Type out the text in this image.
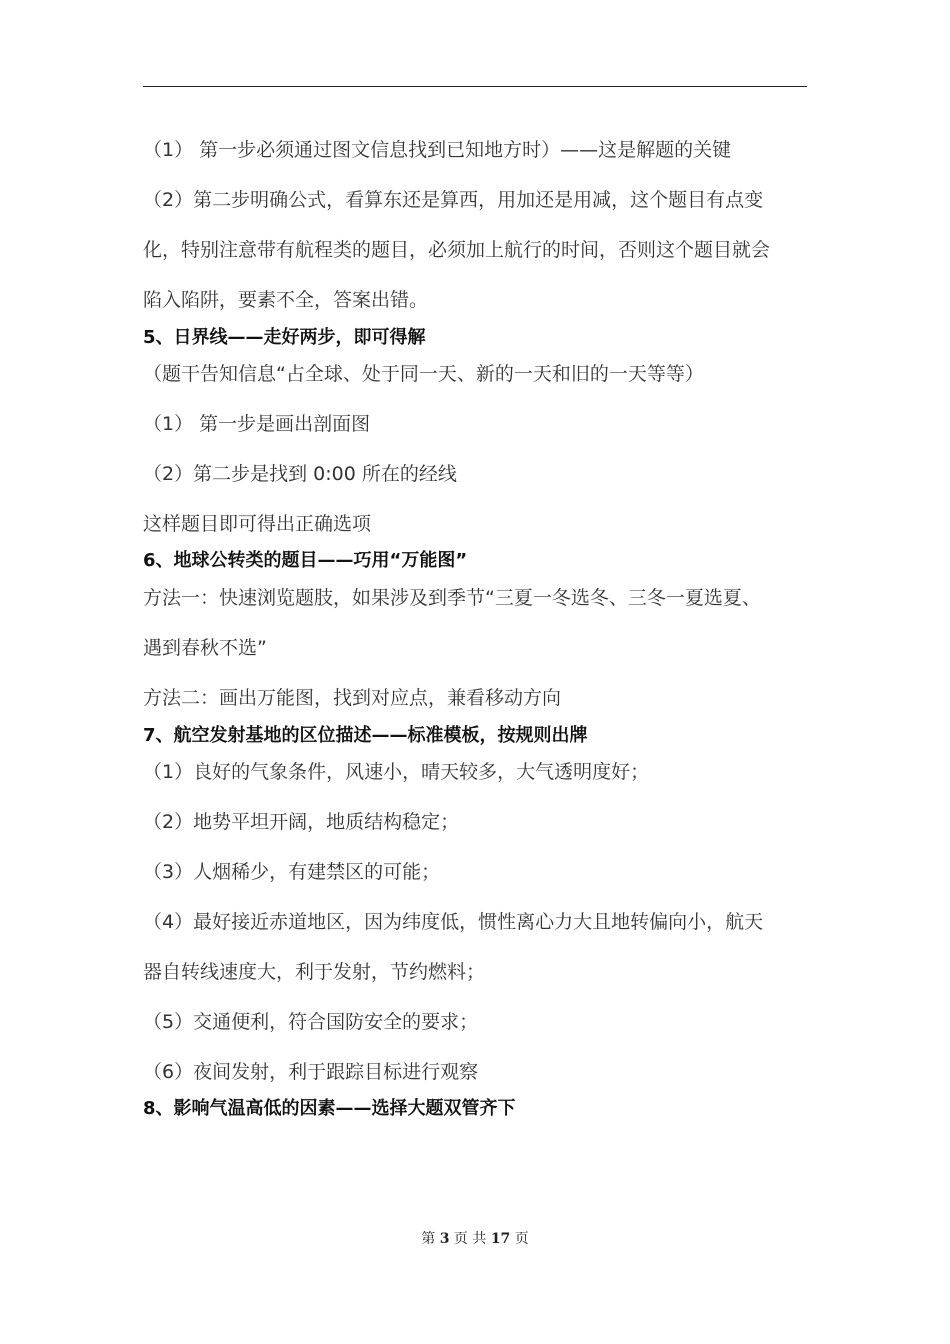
（1） 第一步必须通过图文信息找到已知地方时）——这是解题的关键
（2）第二步明确公式，看算东还是算西，用加还是用减，这个题目有点变
化，特别注意带有航程类的题目，必须加上航行的时间，否则这个题目就会
陷入陷阱，要素不全，答案出错。
5、日界线——走好两步，即可得解
（题干告知信息“占全球、处于同一天、新的一天和旧的一天等等）
（1） 第一步是画出剖面图
（2）第二步是找到 0:00 所在的经线
这样题目即可得出正确选项
6、地球公转类的题目——巧用“万能图”
方法一：快速浏览题肢，如果涉及到季节“三夏一冬选冬、三冬一夏选夏、
遇到春秋不选”
方法二：画出万能图，找到对应点，兼看移动方向
7、航空发射基地的区位描述——标准模板，按规则出牌
（1）良好的气象条件，风速小，晴天较多，大气透明度好；
（2）地势平坦开阔，地质结构稳定；
（3）人烟稀少，有建禁区的可能；
（4）最好接近赤道地区，因为纬度低，惯性离心力大且地转偏向小，航天
器自转线速度大，利于发射，节约燃料；
（5）交通便利，符合国防安全的要求；
（6）夜间发射，利于跟踪目标进行观察
8、影响气温高低的因素——选择大题双管齐下
第 3 页 共 17 页
